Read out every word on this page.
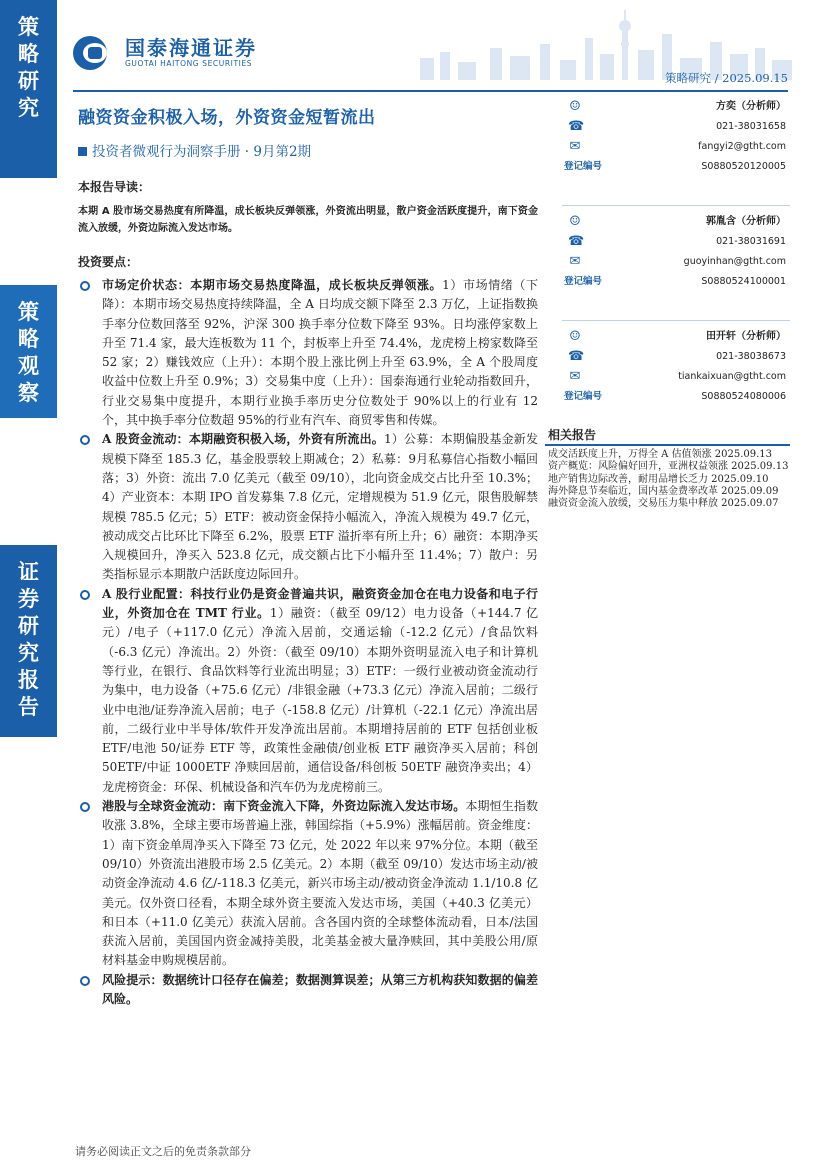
策
略
研
究
策
略
观
察
证
券
研
究
报
告
国泰海通证券
GUOTAI HAITONG SECURITIES
策略研究 / 2025.09.15
融资资金积极入场，外资资金短暂流出
投资者微观行为洞察手册 · 9月第2期
本报告导读：
本期 A 股市场交易热度有所降温，成长板块反弹领涨，外资流出明显，散户资金活跃度提升，南下资金流入放缓，外资边际流入发达市场。
投资要点：
市场定价状态：本期市场交易热度降温，成长板块反弹领涨。1）市场情绪（下降）：本期市场交易热度持续降温，全 A 日均成交额下降至 2.3 万亿，上证指数换手率分位数回落至 92%，沪深 300 换手率分位数下降至 93%。日均涨停家数上升至 71.4 家，最大连板数为 11 个，封板率上升至 74.4%，龙虎榜上榜家数降至 52 家；2）赚钱效应（上升）：本期个股上涨比例上升至 63.9%，全 A 个股周度收益中位数上升至 0.9%；3）交易集中度（上升）：国泰海通行业轮动指数回升，行业交易集中度提升，本期行业换手率历史分位数处于 90%以上的行业有 12 个，其中换手率分位数超 95%的行业有汽车、商贸零售和传媒。
A 股资金流动：本期融资积极入场，外资有所流出。1）公募：本期偏股基金新发规模下降至 185.3 亿，基金股票较上期减仓；2）私募：9月私募信心指数小幅回落；3）外资：流出 7.0 亿美元（截至 09/10），北向资金成交占比升至 10.3%；4）产业资本：本期 IPO 首发募集 7.8 亿元，定增规模为 51.9 亿元，限售股解禁规模 785.5 亿元；5）ETF：被动资金保持小幅流入，净流入规模为 49.7 亿元，被动成交占比环比下降至 6.2%，股票 ETF 溢折率有所上升；6）融资：本期净买入规模回升，净买入 523.8 亿元，成交额占比下小幅升至 11.4%；7）散户：另类指标显示本期散户活跃度边际回升。
A 股行业配置：科技行业仍是资金普遍共识，融资资金加仓在电力设备和电子行业，外资加仓在 TMT 行业。1）融资：（截至 09/12）电力设备（+144.7 亿元）/电子（+117.0 亿元）净流入居前，交通运输（-12.2 亿元）/食品饮料（-6.3 亿元）净流出。2）外资：（截至 09/10）本期外资明显流入电子和计算机等行业，在银行、食品饮料等行业流出明显；3）ETF：一级行业被动资金流动行为集中，电力设备（+75.6 亿元）/非银金融（+73.3 亿元）净流入居前；二级行业中电池/证券净流入居前；电子（-158.8 亿元）/计算机（-22.1 亿元）净流出居前，二级行业中半导体/软件开发净流出居前。本期增持居前的 ETF 包括创业板 ETF/电池 50/证券 ETF 等，政策性金融债/创业板 ETF 融资净买入居前；科创 50ETF/中证 1000ETF 净赎回居前，通信设备/科创板 50ETF 融资净卖出；4）龙虎榜资金：环保、机械设备和汽车仍为龙虎榜前三。
港股与全球资金流动：南下资金流入下降，外资边际流入发达市场。本期恒生指数收涨 3.8%，全球主要市场普遍上涨，韩国综指（+5.9%）涨幅居前。资金维度：1）南下资金单周净买入下降至 73 亿元，处 2022 年以来 97%分位。本期（截至 09/10）外资流出港股市场 2.5 亿美元。2）本期（截至 09/10）发达市场主动/被动资金净流动 4.6 亿/-118.3 亿美元，新兴市场主动/被动资金净流动 1.1/10.8 亿美元。仅外资口径看，本期全球外资主要流入发达市场，美国（+40.3 亿美元）和日本（+11.0 亿美元）获流入居前。含各国内资的全球整体流动看，日本/法国获流入居前，美国国内资金减持美股，北美基金被大量净赎回，其中美股公用/原材料基金申购规模居前。
风险提示：数据统计口径存在偏差；数据测算误差；从第三方机构获知数据的偏差风险。
☺	方奕（分析师）
☎	021-38031658
✉	fangyi2@gtht.com
登记编号	S0880520120005
☺	郭胤含（分析师）
☎	021-38031691
✉	guoyinhan@gtht.com
登记编号	S0880524100001
☺	田开轩（分析师）
☎	021-38038673
✉	tiankaixuan@gtht.com
登记编号	S0880524080006
相关报告
成交活跃度上升，万得全 A 估值领涨 2025.09.13
资产概览：风险偏好回升，亚洲权益领涨 2025.09.13
地产销售边际改善，耐用品增长乏力 2025.09.10
海外降息节奏临近，国内基金费率改革 2025.09.09
融资资金流入放缓，交易压力集中释放 2025.09.07
请务必阅读正文之后的免责条款部分
